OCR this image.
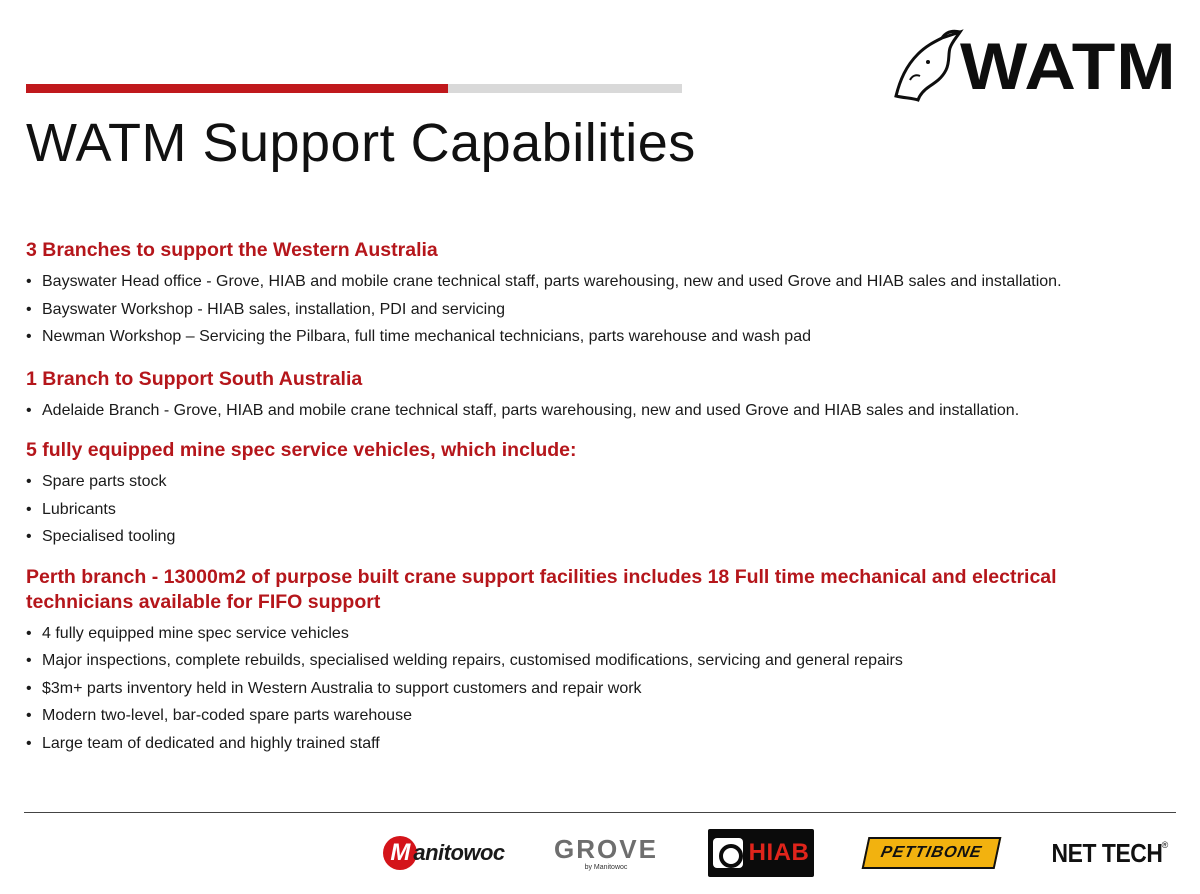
WATM Support Capabilities
WATM
3 Branches to support the Western Australia
• Bayswater Head office - Grove, HIAB and mobile crane technical staff, parts warehousing, new and used Grove and HIAB sales and installation.
• Bayswater Workshop - HIAB sales, installation, PDI and servicing
• Newman Workshop – Servicing the Pilbara, full time mechanical technicians, parts warehouse and wash pad
1 Branch to Support South Australia
• Adelaide Branch - Grove, HIAB and mobile crane technical staff, parts warehousing, new and used Grove and HIAB sales and installation.
5 fully equipped mine spec service vehicles, which include:
• Spare parts stock
• Lubricants
• Specialised tooling
Perth branch - 13000m2 of purpose built crane support facilities includes 18 Full time mechanical and electrical
technicians available for FIFO support
• 4 fully equipped mine spec service vehicles
• Major inspections, complete rebuilds, specialised welding repairs, customised modifications, servicing and general repairs
• $3m+ parts inventory held in Western Australia to support customers and repair work
• Modern two-level, bar-coded spare parts warehouse
• Large team of dedicated and highly trained staff
M anitowoc GROVE
by Manitowoc
HIAB	PETTIBONE	NET TECH ®
